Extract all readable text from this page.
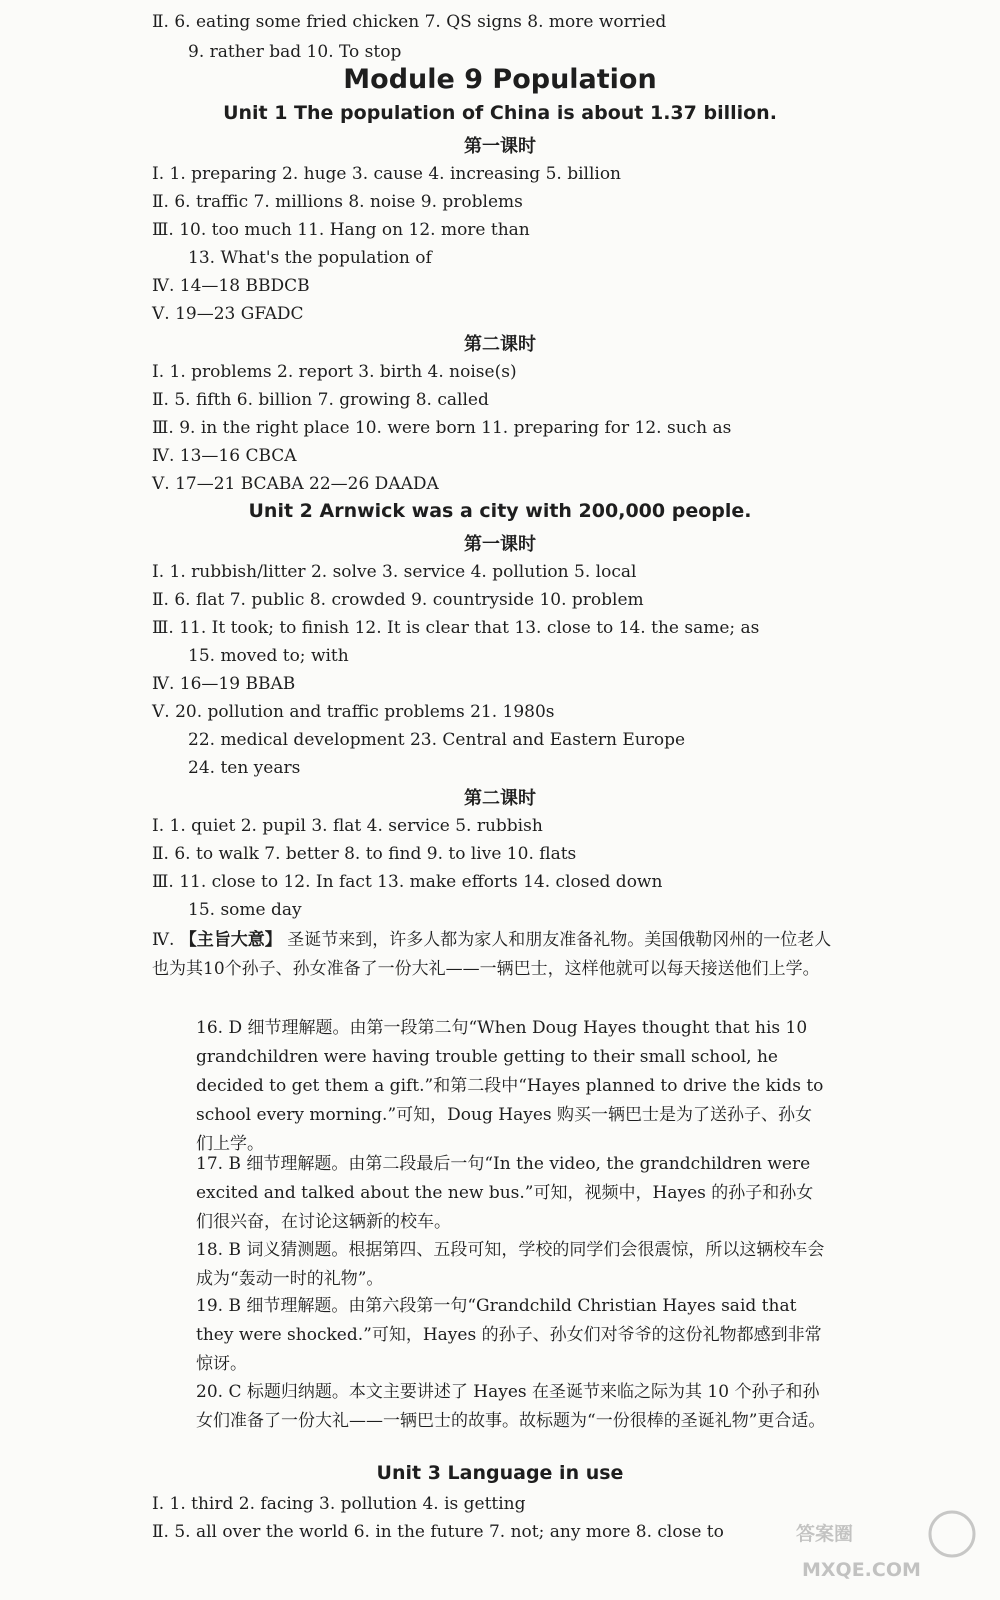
Ⅱ. 6. eating some fried chicken 7. QS signs 8. more worried
9. rather bad 10. To stop
Module 9 Population
Unit 1 The population of China is about 1.37 billion.
第一课时
Ⅰ. 1. preparing 2. huge 3. cause 4. increasing 5. billion
Ⅱ. 6. traffic 7. millions 8. noise 9. problems
Ⅲ. 10. too much 11. Hang on 12. more than
13. What's the population of
Ⅳ. 14—18 BBDCB
Ⅴ. 19—23 GFADC
第二课时
Ⅰ. 1. problems 2. report 3. birth 4. noise(s)
Ⅱ. 5. fifth 6. billion 7. growing 8. called
Ⅲ. 9. in the right place 10. were born 11. preparing for 12. such as
Ⅳ. 13—16 CBCA
Ⅴ. 17—21 BCABA 22—26 DAADA
Unit 2 Arnwick was a city with 200,000 people.
第一课时
Ⅰ. 1. rubbish/litter 2. solve 3. service 4. pollution 5. local
Ⅱ. 6. flat 7. public 8. crowded 9. countryside 10. problem
Ⅲ. 11. It took; to finish 12. It is clear that 13. close to 14. the same; as
15. moved to; with
Ⅳ. 16—19 BBAB
Ⅴ. 20. pollution and traffic problems 21. 1980s
22. medical development 23. Central and Eastern Europe
24. ten years
第二课时
Ⅰ. 1. quiet 2. pupil 3. flat 4. service 5. rubbish
Ⅱ. 6. to walk 7. better 8. to find 9. to live 10. flats
Ⅲ. 11. close to 12. In fact 13. make efforts 14. closed down
15. some day
Ⅳ. 【主旨大意】 圣诞节来到，许多人都为家人和朋友准备礼物。美国俄勒冈州的一位老人也为其10个孙子、孙女准备了一份大礼——一辆巴士，这样他就可以每天接送他们上学。
16. D 细节理解题。由第一段第二句“When Doug Hayes thought that his 10 grandchildren were having trouble getting to their small school, he decided to get them a gift.”和第二段中“Hayes planned to drive the kids to school every morning.”可知，Doug Hayes 购买一辆巴士是为了送孙子、孙女们上学。
17. B 细节理解题。由第二段最后一句“In the video, the grandchildren were excited and talked about the new bus.”可知，视频中，Hayes 的孙子和孙女们很兴奋，在讨论这辆新的校车。
18. B 词义猜测题。根据第四、五段可知，学校的同学们会很震惊，所以这辆校车会成为“轰动一时的礼物”。
19. B 细节理解题。由第六段第一句“Grandchild Christian Hayes said that they were shocked.”可知，Hayes 的孙子、孙女们对爷爷的这份礼物都感到非常惊讶。
20. C 标题归纳题。本文主要讲述了 Hayes 在圣诞节来临之际为其 10 个孙子和孙女们准备了一份大礼——一辆巴士的故事。故标题为“一份很棒的圣诞礼物”更合适。
Unit 3 Language in use
Ⅰ. 1. third 2. facing 3. pollution 4. is getting
Ⅱ. 5. all over the world 6. in the future 7. not; any more 8. close to	答案圈
MXQE.COM
